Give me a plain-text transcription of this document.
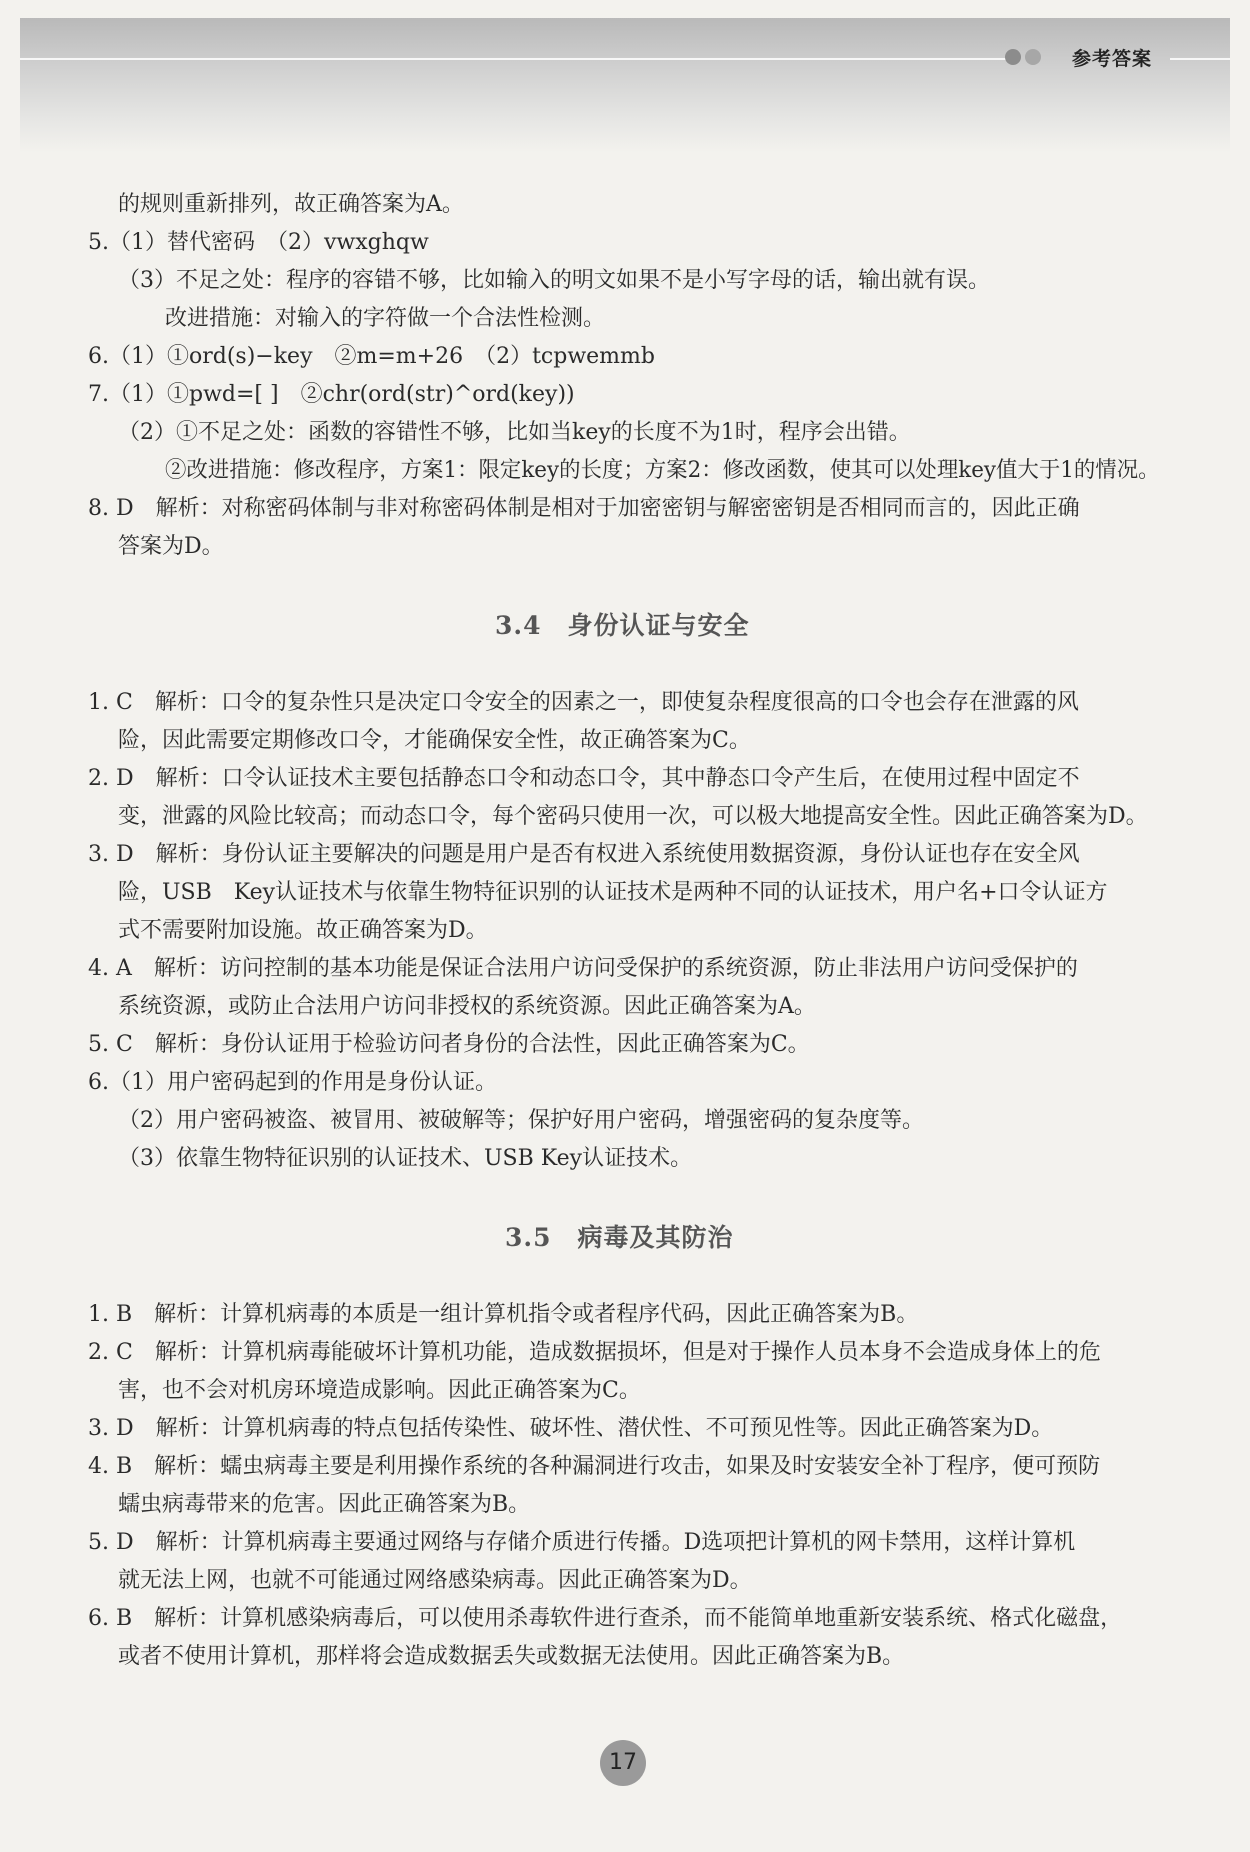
参考答案
的规则重新排列，故正确答案为A。
5.（1）替代密码　（2）vwxghqw
（3）不足之处：程序的容错不够，比如输入的明文如果不是小写字母的话，输出就有误。
改进措施：对输入的字符做一个合法性检测。
6.（1）①ord(s)−key　②m=m+26　（2）tcpwemmb
7.（1）①pwd=[ ]　②chr(ord(str)^ord(key))
（2）①不足之处：函数的容错性不够，比如当key的长度不为1时，程序会出错。
②改进措施：修改程序，方案1：限定key的长度；方案2：修改函数，使其可以处理key值大于1的情况。
8. D　解析：对称密码体制与非对称密码体制是相对于加密密钥与解密密钥是否相同而言的，因此正确
答案为D。
3.4　身份认证与安全
1. C　解析：口令的复杂性只是决定口令安全的因素之一，即使复杂程度很高的口令也会存在泄露的风
险，因此需要定期修改口令，才能确保安全性，故正确答案为C。
2. D　解析：口令认证技术主要包括静态口令和动态口令，其中静态口令产生后，在使用过程中固定不
变，泄露的风险比较高；而动态口令，每个密码只使用一次，可以极大地提高安全性。因此正确答案为D。
3. D　解析：身份认证主要解决的问题是用户是否有权进入系统使用数据资源，身份认证也存在安全风
险，USB　Key认证技术与依靠生物特征识别的认证技术是两种不同的认证技术，用户名+口令认证方
式不需要附加设施。故正确答案为D。
4. A　解析：访问控制的基本功能是保证合法用户访问受保护的系统资源，防止非法用户访问受保护的
系统资源，或防止合法用户访问非授权的系统资源。因此正确答案为A。
5. C　解析：身份认证用于检验访问者身份的合法性，因此正确答案为C。
6.（1）用户密码起到的作用是身份认证。
（2）用户密码被盗、被冒用、被破解等；保护好用户密码，增强密码的复杂度等。
（3）依靠生物特征识别的认证技术、USB Key认证技术。
3.5　病毒及其防治
1. B　解析：计算机病毒的本质是一组计算机指令或者程序代码，因此正确答案为B。
2. C　解析：计算机病毒能破坏计算机功能，造成数据损坏，但是对于操作人员本身不会造成身体上的危
害，也不会对机房环境造成影响。因此正确答案为C。
3. D　解析：计算机病毒的特点包括传染性、破坏性、潜伏性、不可预见性等。因此正确答案为D。
4. B　解析：蠕虫病毒主要是利用操作系统的各种漏洞进行攻击，如果及时安装安全补丁程序，便可预防
蠕虫病毒带来的危害。因此正确答案为B。
5. D　解析：计算机病毒主要通过网络与存储介质进行传播。D选项把计算机的网卡禁用，这样计算机
就无法上网，也就不可能通过网络感染病毒。因此正确答案为D。
6. B　解析：计算机感染病毒后，可以使用杀毒软件进行查杀，而不能简单地重新安装系统、格式化磁盘，
或者不使用计算机，那样将会造成数据丢失或数据无法使用。因此正确答案为B。
17
